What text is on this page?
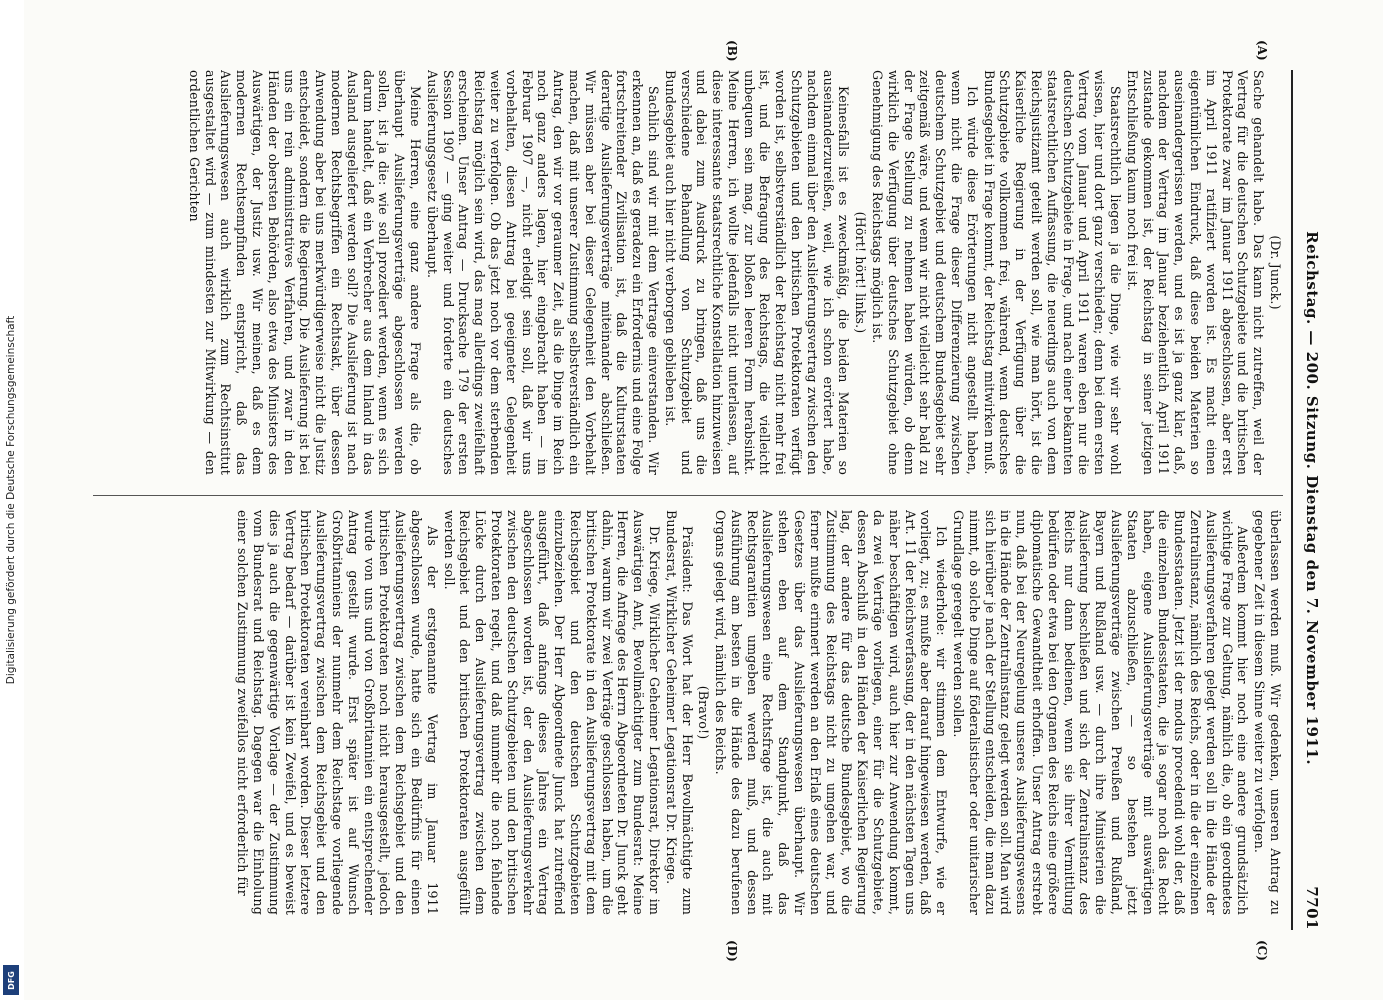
Digitalisierung gefördert durch die Deutsche Forschungsgemeinschaft
DFG
Reichstag. — 200. Sitzung. Dienstag den 7. November 1911.
7701
(A)
(B)
(C)
(D)

(Dr. Junck.)

Sache gehandelt habe. Das kann nicht zutreffen, weil der Vertrag für die deutschen Schutzgebiete und die britischen Protektorate zwar im Januar 1911 abgeschlossen, aber erst im April 1911 ratifiziert worden ist. Es macht einen eigentümlichen Eindruck, daß diese beiden Materien so auseinandergerissen werden, und es ist ja ganz klar, daß, nachdem der Vertrag im Januar beziehentlich April 1911 zustande gekommen ist, der Reichstag in seiner jetzigen Entschließung kaum noch frei ist.

Staatsrechtlich liegen ja die Dinge, wie wir sehr wohl wissen, hier und dort ganz verschieden; denn bei dem ersten Vertrag vom Januar und April 1911 waren eben nur die deutschen Schutzgebiete in Frage, und nach einer bekannten staatsrechtlichen Auffassung, die neuerdings auch von dem Reichsjustizamt geteilt werden soll, wie man hört, ist die Kaiserliche Regierung in der Verfügung über die Schutzgebiete vollkommen frei, während, wenn deutsches Bundesgebiet in Frage kommt, der Reichstag mitwirken muß.

Ich würde diese Erörterungen nicht angestellt haben, wenn nicht die Frage dieser Differenzierung zwischen deutschem Schutzgebiet und deutschem Bundesgebiet sehr zeitgemäß wäre, und wenn wir nicht vielleicht sehr bald zu der Frage Stellung zu nehmen haben würden, ob denn wirklich die Verfügung über deutsches Schutzgebiet ohne Genehmigung des Reichstags möglich ist.

(Hört! hört! links.)

Keinesfalls ist es zweckmäßig, die beiden Materien so auseinanderzureißen, weil, wie ich schon erörtert habe, nachdem einmal über den Auslieferungsvertrag zwischen den Schutzgebieten und den britischen Protektoraten verfügt worden ist, selbstverständlich der Reichstag nicht mehr frei ist, und die Befragung des Reichstags, die vielleicht unbequem sein mag, zur bloßen leeren Form herabsinkt. Meine Herren, ich wollte jedenfalls nicht unterlassen, auf diese interessante staatsrechtliche Konstellation hinzuweisen und dabei zum Ausdruck zu bringen, daß uns die verschiedene Behandlung von Schutzgebiet und Bundesgebiet auch hier nicht verborgen geblieben ist.

Sachlich sind wir mit dem Vertrage einverstanden. Wir erkennen an, daß es geradezu ein Erfordernis und eine Folge fortschreitender Zivilisation ist, daß die Kulturstaaten derartige Auslieferungsverträge miteinander abschließen. Wir müssen aber bei dieser Gelegenheit den Vorbehalt machen, daß mit unserer Zustimmung selbstverständlich ein Antrag, den wir vor geraumer Zeit, als die Dinge im Reich noch ganz anders lagen, hier eingebracht haben — im Februar 1907 —, nicht erledigt sein soll, daß wir uns vorbehalten, diesen Antrag bei geeigneter Gelegenheit weiter zu verfolgen. Ob das jetzt noch vor dem sterbenden Reichstag möglich sein wird, das mag allerdings zweifelhaft erscheinen. Unser Antrag — Drucksache 179 der ersten Session 1907 — ging weiter und forderte ein deutsches Auslieferungsgesetz überhaupt.

Meine Herren, eine ganz andere Frage als die, ob überhaupt Auslieferungsverträge abgeschlossen werden sollen, ist ja die: wie soll prozediert werden, wenn es sich darum handelt, daß ein Verbrecher aus dem Inland in das Ausland ausgeliefert werden soll? Die Auslieferung ist nach modernen Rechtsbegriffen ein Rechtsakt, über dessen Anwendung aber bei uns merkwürdigerweise nicht die Justiz entscheidet, sondern die Regierung. Die Auslieferung ist bei uns ein rein administratives Verfahren, und zwar in den Händen der obersten Behörden, also etwa des Ministers des Auswärtigen, der Justiz usw. Wir meinen, daß es dem modernen Rechtsempfinden entspricht, daß das Auslieferungswesen auch wirklich zum Rechtsinstitut ausgestaltet wird — zum mindesten zur Mitwirkung — den ordentlichen Gerichten

überlassen werden muß. Wir gedenken, unseren Antrag zu gegebener Zeit in diesem Sinne weiter zu verfolgen.

Außerdem kommt hier noch eine andere grundsätzlich wichtige Frage zur Geltung, nämlich die, ob ein geordnetes Auslieferungsverfahren gelegt werden soll in die Hände der Zentralinstanz, nämlich des Reichs, oder in die der einzelnen Bundesstaaten. Jetzt ist der modus procedendi wohl der, daß die einzelnen Bundesstaaten, die ja sogar noch das Recht haben, eigene Auslieferungsverträge mit auswärtigen Staaten abzuschließen, — so bestehen jetzt Auslieferungsverträge zwischen Preußen und Rußland, Bayern und Rußland usw. — durch ihre Ministerien die Auslieferung beschließen und sich der Zentralinstanz des Reichs nur dann bedienen, wenn sie ihrer Vermittlung bedürfen oder etwa bei den Organen des Reichs eine größere diplomatische Gewandtheit erhoffen. Unser Antrag erstrebt nun, daß bei der Neuregelung unseres Auslieferungswesens in die Hände der Zentralinstanz gelegt werden soll. Man wird sich hierüber je nach der Stellung entscheiden, die man dazu nimmt, ob solche Dinge auf föderalistischer oder unitarischer Grundlage geregelt werden sollen.

Ich wiederhole: wir stimmen dem Entwurfe, wie er vorliegt, zu; es mußte aber darauf hingewiesen werden, daß Art. 11 der Reichsverfassung, der in den nächsten Tagen uns näher beschäftigen wird, auch hier zur Anwendung kommt, da zwei Verträge vorliegen, einer für die Schutzgebiete, dessen Abschluß in den Händen der Kaiserlichen Regierung lag, der andere für das deutsche Bundesgebiet, wo die Zustimmung des Reichstags nicht zu umgehen war, und ferner mußte erinnert werden an den Erlaß eines deutschen Gesetzes über das Auslieferungswesen überhaupt. Wir stehen eben auf dem Standpunkt, daß das Auslieferungswesen eine Rechtsfrage ist, die auch mit Rechtsgarantien umgeben werden muß, und dessen Ausführung am besten in die Hände des dazu berufenen Organs gelegt wird, nämlich des Reichs.

(Bravo!)

Präsident: Das Wort hat der Herr Bevollmächtigte zum Bundesrat, Wirklicher Geheimer Legationsrat Dr. Kriege.

Dr. Kriege, Wirklicher Geheimer Legationsrat, Direktor im Auswärtigen Amt, Bevollmächtigter zum Bundesrat: Meine Herren, die Anfrage des Herrn Abgeordneten Dr. Junck geht dahin, warum wir zwei Verträge geschlossen haben, um die britischen Protektorate in den Auslieferungsvertrag mit dem Reichsgebiet und den deutschen Schutzgebieten einzubeziehen. Der Herr Abgeordnete Junck hat zutreffend ausgeführt, daß anfangs dieses Jahres ein Vertrag abgeschlossen worden ist, der den Auslieferungsverkehr zwischen den deutschen Schutzgebieten und den britischen Protektoraten regelt, und daß nunmehr die noch fehlende Lücke durch den Auslieferungsvertrag zwischen dem Reichsgebiet und den britischen Protektoraten ausgefüllt werden soll.

Als der erstgenannte Vertrag im Januar 1911 abgeschlossen wurde, hatte sich ein Bedürfnis für einen Auslieferungsvertrag zwischen dem Reichsgebiet und den britischen Protektoraten noch nicht herausgestellt, jedoch wurde von uns und von Großbritannien ein entsprechender Antrag gestellt wurde. Erst später ist auf Wunsch Großbritanniens der nunmehr dem Reichstage vorliegende Auslieferungsvertrag zwischen dem Reichsgebiet und den britischen Protektoraten vereinbart worden. Dieser letztere Vertrag bedarf — darüber ist kein Zweifel, und es beweist dies ja auch die gegenwärtige Vorlage — der Zustimmung vom Bundesrat und Reichstag. Dagegen war die Einholung einer solchen Zustimmung zweifellos nicht erforderlich für
